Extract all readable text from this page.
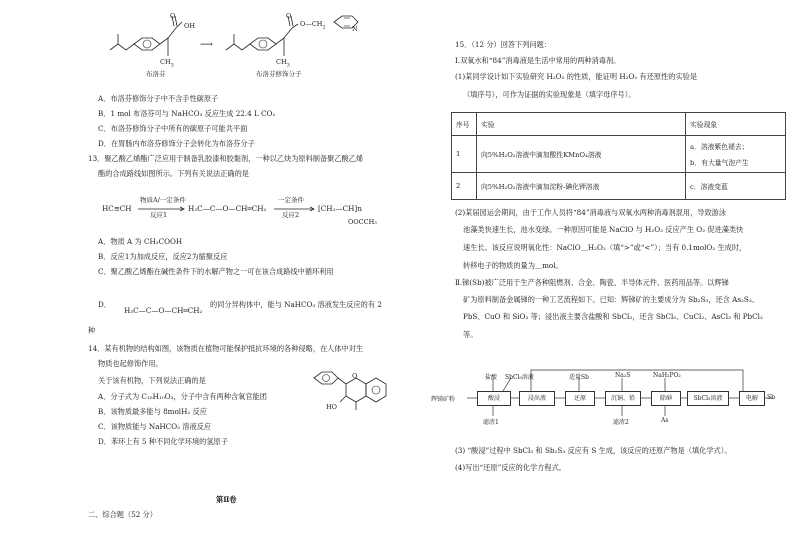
O
OH
$CH_3$
⟶
O
$O—CH_2$	N
$CH_3$
布洛芬	布洛芬修饰分子
A．布洛芬修饰分子中不含手性碳原子
B．1 mol 布洛芬可与 NaHCO₃ 反应生成 22.4 L CO₂
C．布洛芬修饰分子中所有的碳原子可能共平面
D．在胃肠内布洛芬修饰分子会转化为布洛芬分子
13．聚乙酸乙烯酯广泛应用于制备乳胶漆和胶黏剂，一种以乙炔为原料制备聚乙酸乙烯
酯的合成路线如图所示。下列有关说法正确的是
HC≡CH
物质A/一定条件
反应1
H₃C—C—O—CH═CH₂
一定条件
反应2
[CH₂—CH]n
OOCCH₃
A．物质 A 为 CH₃COOH
B．反应1为加成反应，反应2为缩聚反应
C．聚乙酸乙烯酯在碱性条件下的水解产物之一可在该合成路线中循环利用
D．
H₃C—C—O—CH═CH₂
的同分异构体中，能与 NaHCO₃ 溶液发生反应的有 2
种
14．某有机物的结构如图，该物质在植物可能保护抵抗环境的各种侵略，在人体中对生
物质也起修饰作用。
关于该有机物，下列说法正确的是	O
HO
A．分子式为 C₁₅H₁₀O₃，分子中含有两种含氧官能团
B．该物质最多能与 8molH₂ 反应
C．该物质能与 NaHCO₃ 溶液反应
D．苯环上有 5 种不同化学环境的氢原子
第Ⅱ卷
二、综合题（52 分）
15．（12 分）回答下列问题：
Ⅰ.双氧水和“84”消毒液是生活中常用的两种消毒剂。
(1)某同学设计如下实验研究 H₂O₂ 的性质，能证明 H₂O₂ 有还原性的实验是
（填序号），可作为证据的实验现象是（填字母序号）。
序号	实验	实验现象
1	向5%H₂O₂溶液中滴加酸性KMnO₄溶液	a．溶液紫色褪去；
b．有大量气泡产生

2	向5%H₂O₂溶液中滴加淀粉-碘化钾溶液	c．溶液变蓝
(2)某届园运会期间，由于工作人员将“84”消毒液与双氧水两种消毒剂混用，导致游泳
池藻类快速生长，池水变绿。一种原因可能是 NaClO 与 H₂O₂ 反应产生 O₂ 促进藻类快
速生长。该反应说明氧化性：NaClO＿H₂O₂（填“>”或“<”）；当有 0.1molO₂ 生成时，
转移电子的物质的量为＿mol。
Ⅱ.锑(Sb)被广泛用于生产各种阻燃剂、合金、陶瓷、半导体元件、医药用品等。以辉锑
矿为原料制备金属锑的一种工艺流程如下。已知：辉锑矿的主要成分为 Sb₂S₃，还含 As₂S₃、
PbS、CuO 和 SiO₂ 等；浸出液主要含盐酸和 SbCl₃，还含 SbCl₅、CuCl₂、AsCl₃ 和 PbCl₂
等。
辉锑矿粉
盐酸 SbCl₅溶液	适量Sb	Na₂S	NaH₂PO₂
酸浸	浸出液	还原	沉铜、铅	除砷	SbCl₃溶液	电解	Sb
滤渣1	滤渣2	As
(3) “酸浸”过程中 SbCl₅ 和 Sb₂S₃ 反应有 S 生成，该反应的还原产物是（填化学式）。
(4)写出“还原”反应的化学方程式。
